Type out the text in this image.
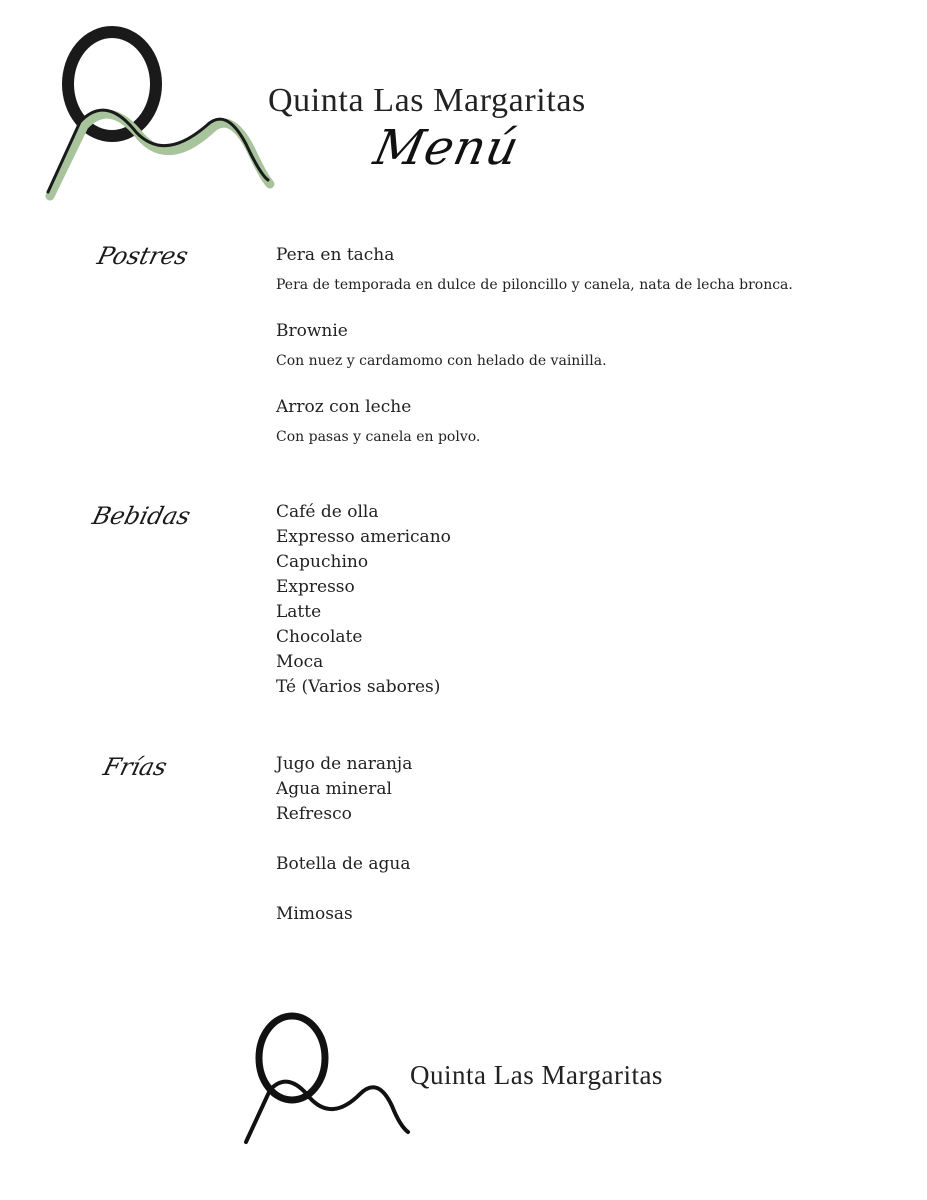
Quinta Las Margaritas
Menú
Postres	Pera en tacha
Pera de temporada en dulce de piloncillo y canela, nata de lecha bronca.
Brownie
Con nuez y cardamomo con helado de vainilla.
Arroz con leche
Con pasas y canela en polvo.
Bebidas	Café de olla
Expresso americano
Capuchino
Expresso
Latte
Chocolate
Moca
Té (Varios sabores)
Frías	Jugo de naranja
Agua mineral
Refresco
Botella de agua
Mimosas
Quinta Las Margaritas
